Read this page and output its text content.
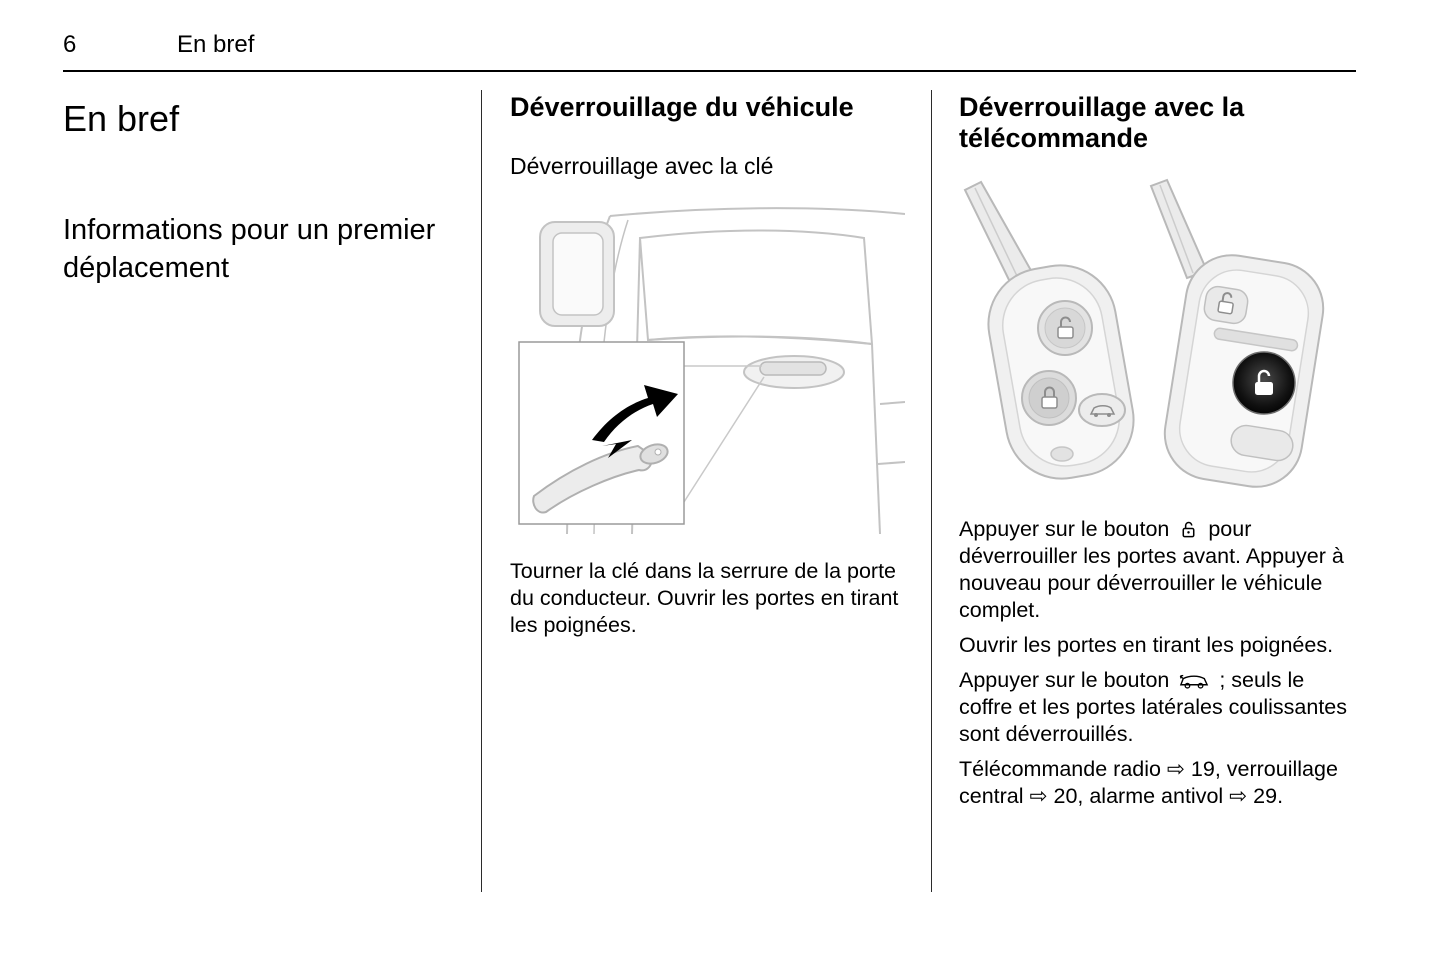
6	En bref
En bref
Informations pour un premier déplacement
Déverrouillage du véhicule
Déverrouillage avec la clé

Tourner la clé dans la serrure de la porte du conducteur. Ouvrir les portes en tirant les poignées.

Déverrouillage avec la télécommande

Appuyer sur le bouton pour déverrouiller les portes avant. Appuyer à nouveau pour déverrouiller le véhicule complet.

Ouvrir les portes en tirant les poignées.

Appuyer sur le bouton ; seuls le coffre et les portes latérales coulissantes sont déverrouillés.

Télécommande radio ⇨ 19, verrouillage central ⇨ 20, alarme antivol ⇨ 29.
